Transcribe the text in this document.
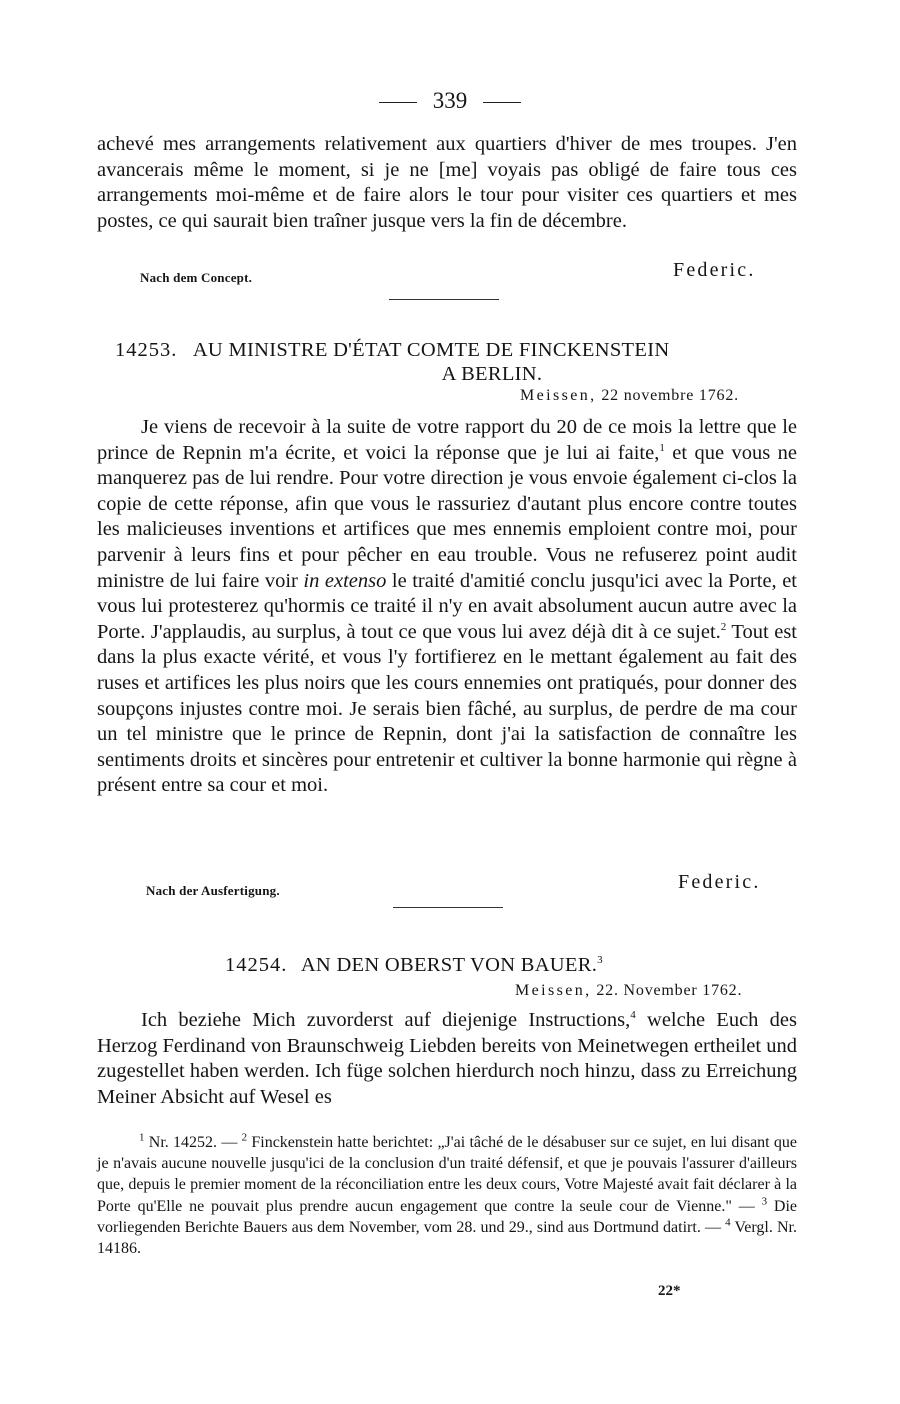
339

achevé mes arrangements relativement aux quartiers d'hiver de mes troupes. J'en avancerais même le moment, si je ne [me] voyais pas obligé de faire tous ces arrangements moi-même et de faire alors le tour pour visiter ces quartiers et mes postes, ce qui saurait bien traîner jusque vers la fin de décembre.

Nach dem Concept.	Federic.
14253. AU MINISTRE D'ÉTAT COMTE DE FINCKENSTEIN
A BERLIN.
Meissen, 22 novembre 1762.

Je viens de recevoir à la suite de votre rapport du 20 de ce mois la lettre que le prince de Repnin m'a écrite, et voici la réponse que je lui ai faite,$^1$ et que vous ne manquerez pas de lui rendre. Pour votre direction je vous envoie également ci-clos la copie de cette réponse, afin que vous le rassuriez d'autant plus encore contre toutes les malicieuses inventions et artifices que mes ennemis emploient contre moi, pour parvenir à leurs fins et pour pêcher en eau trouble. Vous ne refuserez point audit ministre de lui faire voir in extenso le traité d'amitié conclu jusqu'ici avec la Porte, et vous lui protesterez qu'hormis ce traité il n'y en avait absolument aucun autre avec la Porte. J'applaudis, au surplus, à tout ce que vous lui avez déjà dit à ce sujet.$^2$ Tout est dans la plus exacte vérité, et vous l'y fortifierez en le mettant également au fait des ruses et artifices les plus noirs que les cours ennemies ont pratiqués, pour donner des soupçons injustes contre moi. Je serais bien fâché, au surplus, de perdre de ma cour un tel ministre que le prince de Repnin, dont j'ai la satisfaction de connaître les sentiments droits et sincères pour entretenir et cultiver la bonne harmonie qui règne à présent entre sa cour et moi.

Nach der Ausfertigung.	Federic.
14254. AN DEN OBERST VON BAUER.$^3$
Meissen, 22. November 1762.

Ich beziehe Mich zuvorderst auf diejenige Instructions,$^4$ welche Euch des Herzog Ferdinand von Braunschweig Liebden bereits von Meinetwegen ertheilet und zugestellet haben werden. Ich füge solchen hierdurch noch hinzu, dass zu Erreichung Meiner Absicht auf Wesel es

$^1$ Nr. 14252. — $^2$ Finckenstein hatte berichtet: „J'ai tâché de le désabuser sur ce sujet, en lui disant que je n'avais aucune nouvelle jusqu'ici de la conclusion d'un traité défensif, et que je pouvais l'assurer d'ailleurs que, depuis le premier moment de la réconciliation entre les deux cours, Votre Majesté avait fait déclarer à la Porte qu'Elle ne pouvait plus prendre aucun engagement que contre la seule cour de Vienne." — $^3$ Die vorliegenden Berichte Bauers aus dem November, vom 28. und 29., sind aus Dortmund datirt. — $^4$ Vergl. Nr. 14186.

22*
